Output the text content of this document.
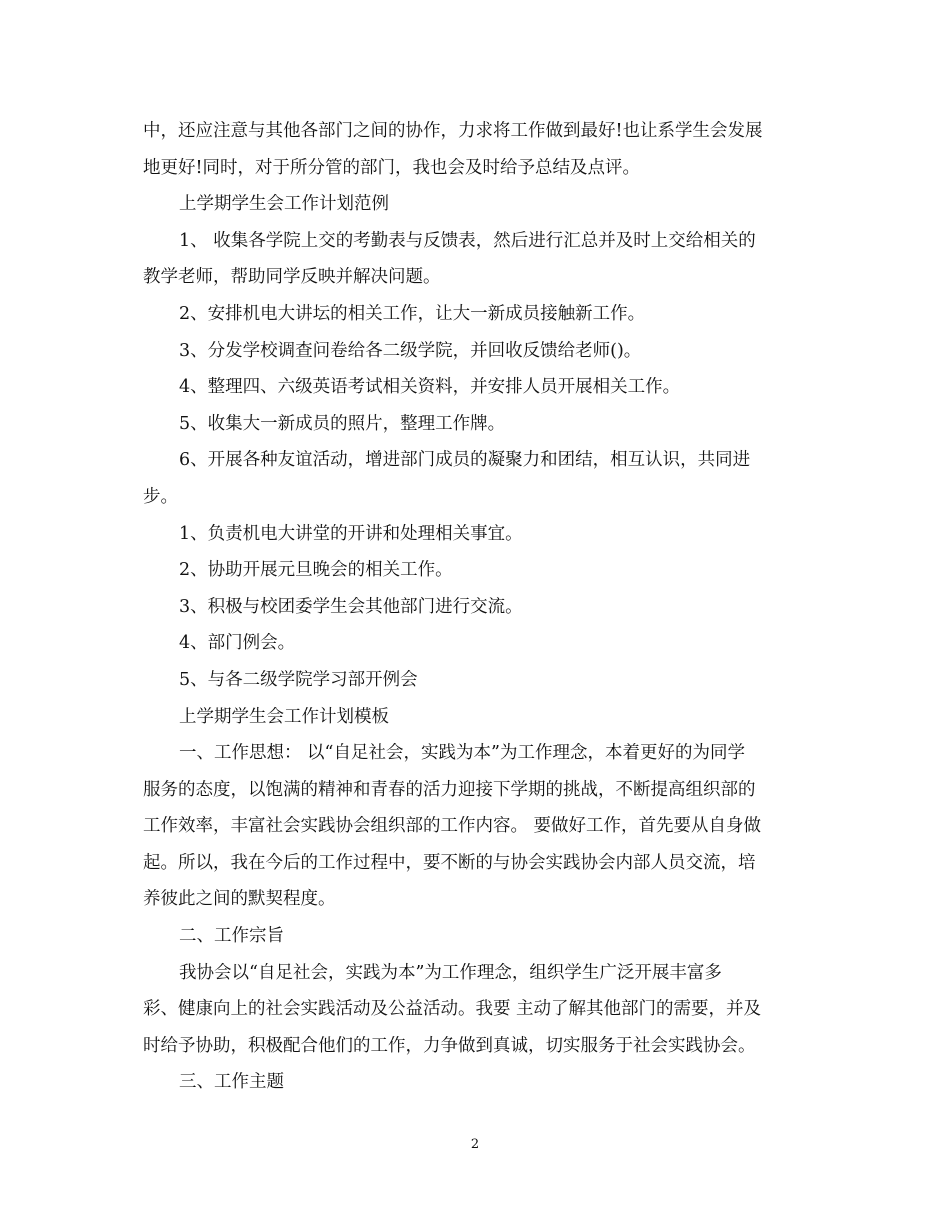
中，还应注意与其他各部门之间的协作，力求将工作做到最好!也让系学生会发展
地更好!同时，对于所分管的部门，我也会及时给予总结及点评。
上学期学生会工作计划范例
1、 收集各学院上交的考勤表与反馈表，然后进行汇总并及时上交给相关的
教学老师，帮助同学反映并解决问题。
2、安排机电大讲坛的相关工作，让大一新成员接触新工作。
3、分发学校调查问卷给各二级学院，并回收反馈给老师()。
4、整理四、六级英语考试相关资料，并安排人员开展相关工作。
5、收集大一新成员的照片，整理工作牌。
6、开展各种友谊活动，增进部门成员的凝聚力和团结，相互认识，共同进
步。
1、负责机电大讲堂的开讲和处理相关事宜。
2、协助开展元旦晚会的相关工作。
3、积极与校团委学生会其他部门进行交流。
4、部门例会。
5、与各二级学院学习部开例会
上学期学生会工作计划模板
一、工作思想： 以“自足社会，实践为本”为工作理念，本着更好的为同学
服务的态度，以饱满的精神和青春的活力迎接下学期的挑战，不断提高组织部的
工作效率，丰富社会实践协会组织部的工作内容。 要做好工作，首先要从自身做
起。所以，我在今后的工作过程中，要不断的与协会实践协会内部人员交流，培
养彼此之间的默契程度。
二、工作宗旨
我协会以“自足社会，实践为本”为工作理念，组织学生广泛开展丰富多
彩、健康向上的社会实践活动及公益活动。我要 主动了解其他部门的需要，并及
时给予协助，积极配合他们的工作，力争做到真诚，切实服务于社会实践协会。
三、工作主题
2
